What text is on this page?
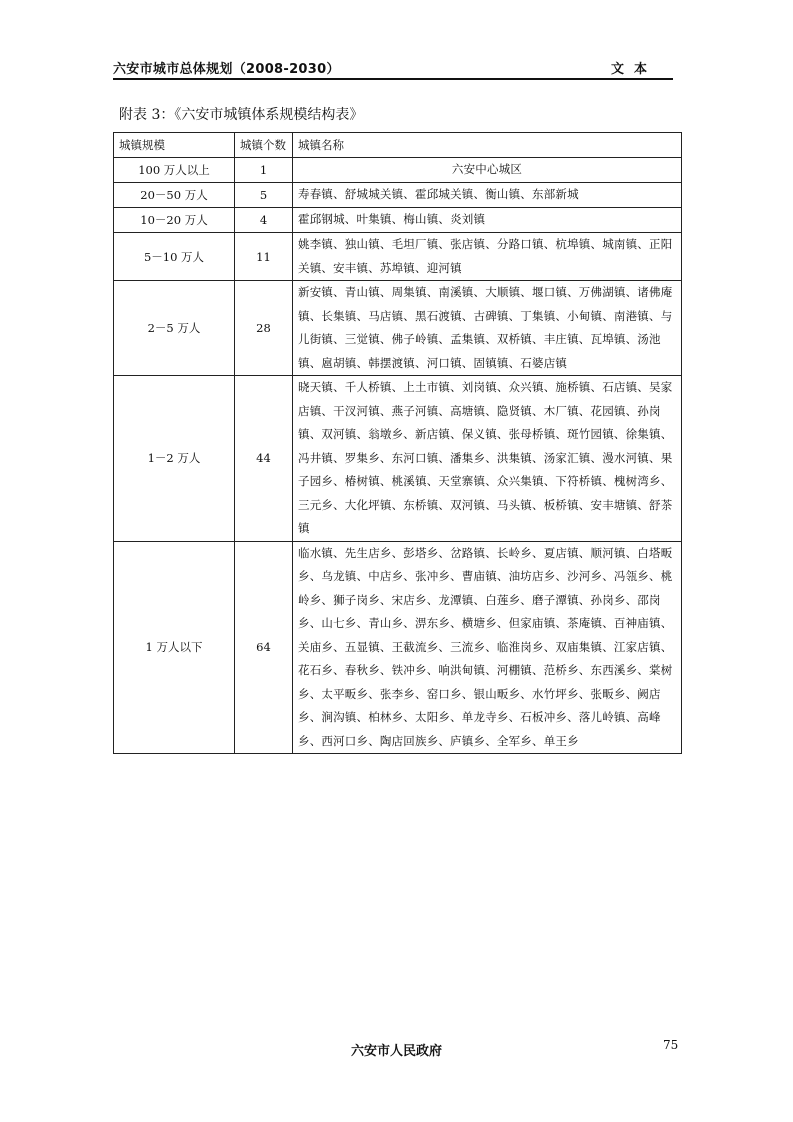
六安市城市总体规划（2008-2030）	文本
附表 3：《六安市城镇体系规模结构表》
城镇规模	城镇个数	城镇名称
100 万人以上	1	六安中心城区
20－50 万人	5	寿春镇、舒城城关镇、霍邱城关镇、衡山镇、东部新城
10－20 万人	4	霍邱钢城、叶集镇、梅山镇、炎刘镇
5－10 万人	11	姚李镇、独山镇、毛坦厂镇、张店镇、分路口镇、杭埠镇、城南镇、正阳关镇、安丰镇、苏埠镇、迎河镇
2－5 万人	28	新安镇、青山镇、周集镇、南溪镇、大顺镇、堰口镇、万佛湖镇、诸佛庵镇、长集镇、马店镇、黑石渡镇、古碑镇、丁集镇、小甸镇、南港镇、与儿街镇、三觉镇、佛子岭镇、孟集镇、双桥镇、丰庄镇、瓦埠镇、汤池镇、扈胡镇、韩摆渡镇、河口镇、固镇镇、石婆店镇
1－2 万人	44	晓天镇、千人桥镇、上土市镇、刘岗镇、众兴镇、施桥镇、石店镇、吴家店镇、干汊河镇、燕子河镇、高塘镇、隐贤镇、木厂镇、花园镇、孙岗镇、双河镇、翁墩乡、新店镇、保义镇、张母桥镇、斑竹园镇、徐集镇、冯井镇、罗集乡、东河口镇、潘集乡、洪集镇、汤家汇镇、漫水河镇、果子园乡、椿树镇、桃溪镇、天堂寨镇、众兴集镇、下符桥镇、槐树湾乡、三元乡、大化坪镇、东桥镇、双河镇、马头镇、板桥镇、安丰塘镇、舒茶镇
1 万人以下	64	临水镇、先生店乡、彭塔乡、岔路镇、长岭乡、夏店镇、顺河镇、白塔畈乡、乌龙镇、中店乡、张冲乡、曹庙镇、油坊店乡、沙河乡、冯瓴乡、桃岭乡、狮子岗乡、宋店乡、龙潭镇、白莲乡、磨子潭镇、孙岗乡、邵岗乡、山七乡、青山乡、淠东乡、横塘乡、但家庙镇、茶庵镇、百神庙镇、关庙乡、五显镇、王截流乡、三流乡、临淮岗乡、双庙集镇、江家店镇、花石乡、春秋乡、铁冲乡、响洪甸镇、河棚镇、范桥乡、东西溪乡、棠树乡、太平畈乡、张李乡、窑口乡、银山畈乡、水竹坪乡、张畈乡、阙店乡、涧沟镇、柏林乡、太阳乡、单龙寺乡、石板冲乡、落儿岭镇、高峰乡、西河口乡、陶店回族乡、庐镇乡、全军乡、单王乡
六安市人民政府	75
